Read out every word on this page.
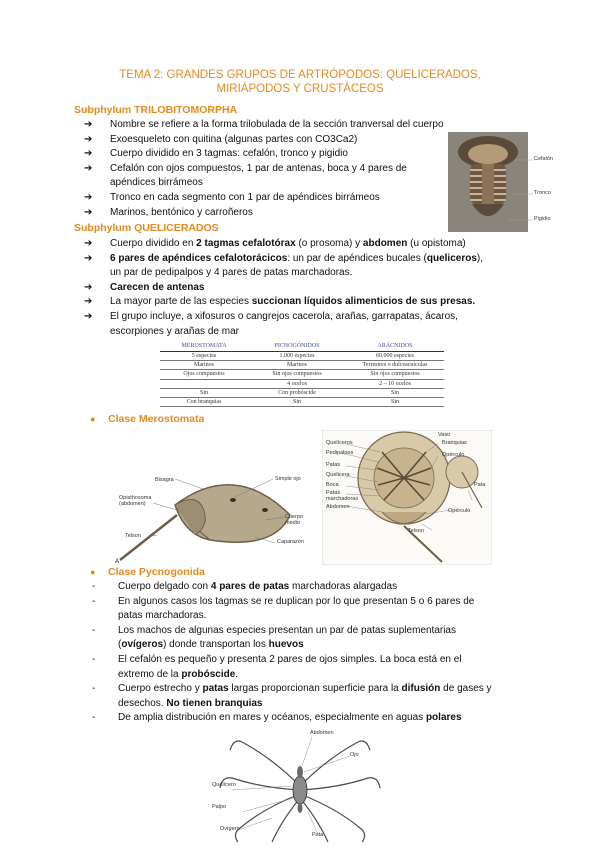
TEMA 2: GRANDES GRUPOS DE ARTRÓPODOS: QUELICERADOS,
MIRIÁPODOS Y CRUSTÁCEOS
Subphylum TRILOBITOMORPHA
➔ Nombre se refiere a la forma trilobulada de la sección tranversal del cuerpo
➔ Exoesqueleto con quitina (algunas partes con CO3Ca2)
➔ Cuerpo dividido en 3 tagmas: cefalón, tronco y pigidio
➔ Cefalón con ojos compuestos, 1 par de antenas, boca y 4 pares de apéndices birrámeos
➔ Tronco en cada segmento con 1 par de apéndices birrámeos
➔ Marinos, bentónico y carroñeros
Cefalón
Tronco
Pigidio
Subphylum QUELICERADOS
➔ Cuerpo dividido en 2 tagmas cefalotórax (o prosoma) y abdomen (u opistoma)
➔ 6 pares de apéndices cefalotorácicos: un par de apéndices bucales (queliceros),
un par de pedipalpos y 4 pares de patas marchadoras.
➔ Carecen de antenas
➔ La mayor parte de las especies succionan líquidos alimenticios de sus presas.
➔ El grupo incluye, a xifosuros o cangrejos cacerola, arañas, garrapatas, ácaros,
escorpiones y arañas de mar
MEROSTOMATA	PICNOGÓNIDOS	ARÁCNIDOS
5 especies	1.000 especies	60.000 especies
Marinos	Marinos	Terrestres o dulceacuícolas
Ojos compuestos	Sin ojos compuestos	Sin ojos compuestos
	4 ocelos	2 – 10 ocelos
Sin	Con probóscide	Sin
Con branquias	Sin	Sin
● Clase Merostomata
A
Bisagra	Simple ojo
Opisthosoma (abdomen)
Cuerpo medio
Telson
Caparazón
Quelíceros
Pedipalpos
Patas
Quelicera
Boca
Patas marchadoras
Abdomen
Opérculo
Branquias
Opérculo
Telson
Vaso
Pata
● Clase Pycnogonida
- Cuerpo delgado con 4 pares de patas marchadoras alargadas
- En algunos casos los tagmas se re duplican por lo que presentan 5 o 6 pares de
patas marchadoras.
- Los machos de algunas especies presentan un par de patas suplementarias
(ovígeros) donde transportan los huevos
- El cefalón es pequeño y presenta 2 pares de ojos simples. La boca está en el
extremo de la probóscide.
- Cuerpo estrecho y patas largas proporcionan superficie para la difusión de gases y
desechos. No tienen branquias
- De amplia distribución en mares y océanos, especialmente en aguas polares
Abdomen
Ojo
Quelícero
Palpo
Ovígero
Pata
